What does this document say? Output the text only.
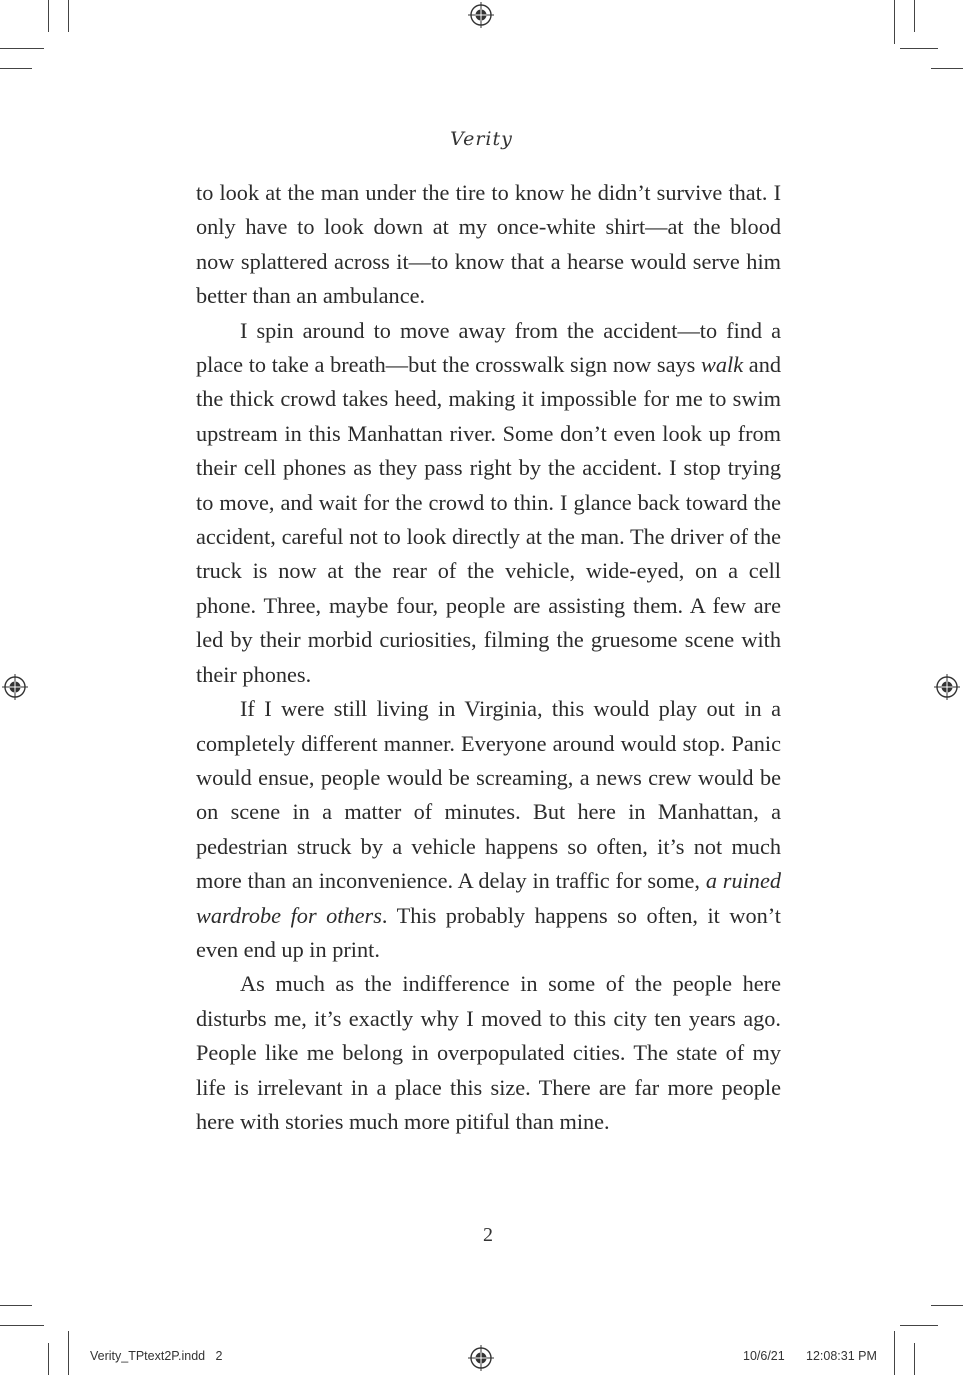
Verity

to look at the man under the tire to know he didn’t survive that. I only have to look down at my once-white shirt—at the blood now splattered across it—to know that a hearse would serve him better than an ambulance.

I spin around to move away from the accident—to find a place to take a breath—but the crosswalk sign now says walk and the thick crowd takes heed, making it impossible for me to swim upstream in this Manhattan river. Some don’t even look up from their cell phones as they pass right by the accident. I stop trying to move, and wait for the crowd to thin. I glance back toward the accident, careful not to look directly at the man. The driver of the truck is now at the rear of the vehicle, wide-eyed, on a cell phone. Three, maybe four, people are assisting them. A few are led by their morbid curiosities, filming the gruesome scene with their phones.

If I were still living in Virginia, this would play out in a completely different manner. Everyone around would stop. Panic would ensue, people would be screaming, a news crew would be on scene in a matter of minutes. But here in Manhattan, a pedestrian struck by a vehicle happens so often, it’s not much more than an inconvenience. A delay in traffic for some, a ruined wardrobe for others. This probably happens so often, it won’t even end up in print.

As much as the indifference in some of the people here disturbs me, it’s exactly why I moved to this city ten years ago. People like me belong in overpopulated cities. The state of my life is irrelevant in a place this size. There are far more people here with stories much more pitiful than mine.

2
Verity_TPtext2P.indd   2	10/6/21 12:08:31 PM
